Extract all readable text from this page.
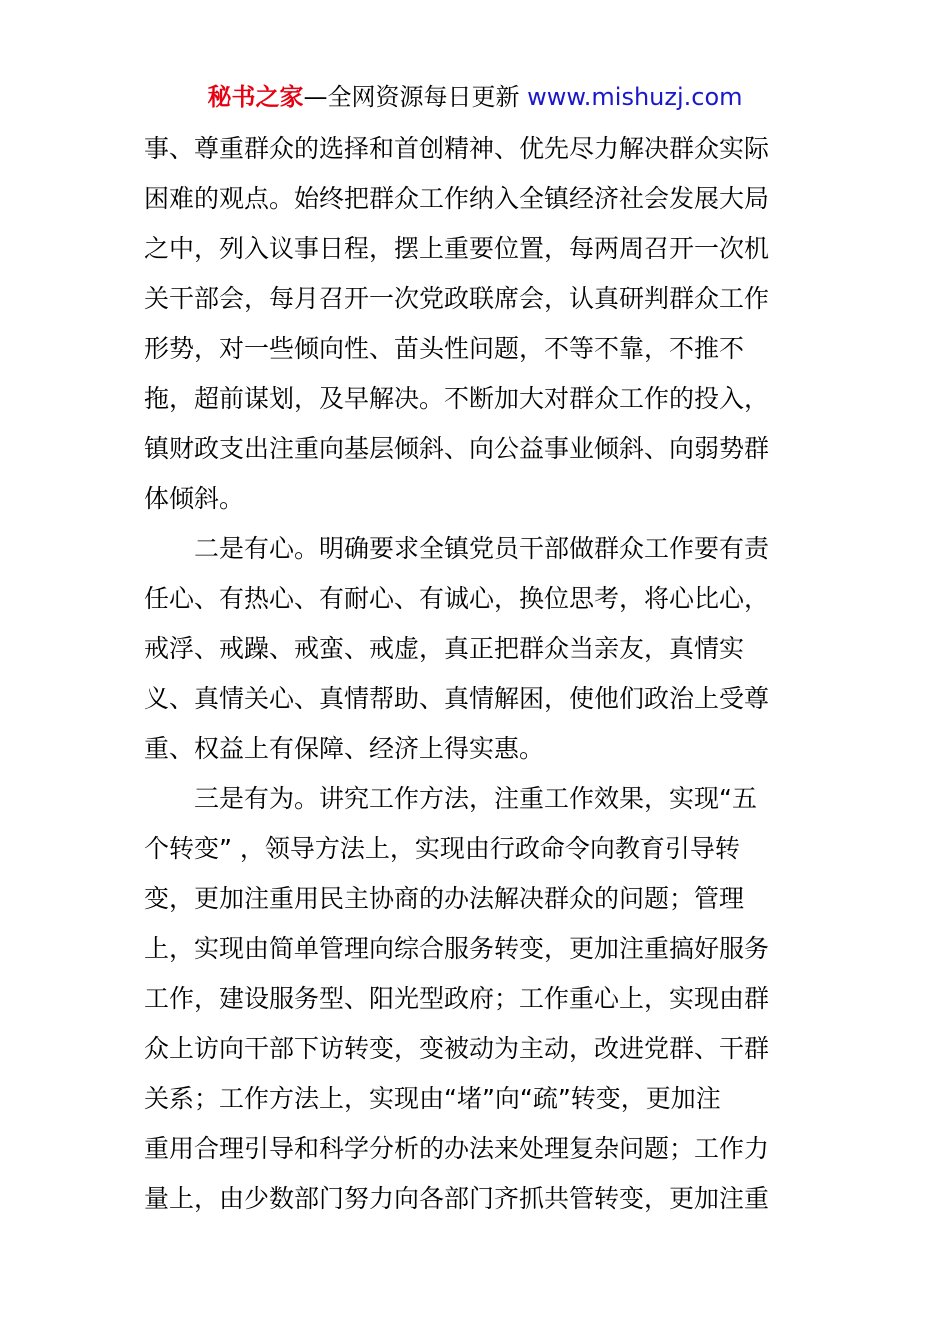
秘书之家—全网资源每日更新 www.mishuzj.com
事、尊重群众的选择和首创精神、优先尽力解决群众实际
困难的观点。始终把群众工作纳入全镇经济社会发展大局
之中，列入议事日程，摆上重要位置，每两周召开一次机
关干部会，每月召开一次党政联席会，认真研判群众工作
形势，对一些倾向性、苗头性问题，不等不靠，不推不
拖，超前谋划，及早解决。不断加大对群众工作的投入，
镇财政支出注重向基层倾斜、向公益事业倾斜、向弱势群
体倾斜。
二是有心。明确要求全镇党员干部做群众工作要有责
任心、有热心、有耐心、有诚心，换位思考，将心比心，
戒浮、戒躁、戒蛮、戒虚，真正把群众当亲友，真情实
义、真情关心、真情帮助、真情解困，使他们政治上受尊
重、权益上有保障、经济上得实惠。
三是有为。讲究工作方法，注重工作效果，实现“五
个转变” ，领导方法上，实现由行政命令向教育引导转
变，更加注重用民主协商的办法解决群众的问题；管理
上，实现由简单管理向综合服务转变，更加注重搞好服务
工作，建设服务型、阳光型政府；工作重心上，实现由群
众上访向干部下访转变，变被动为主动，改进党群、干群
关系；工作方法上，实现由“堵”向“疏”转变，更加注
重用合理引导和科学分析的办法来处理复杂问题；工作力
量上，由少数部门努力向各部门齐抓共管转变，更加注重
